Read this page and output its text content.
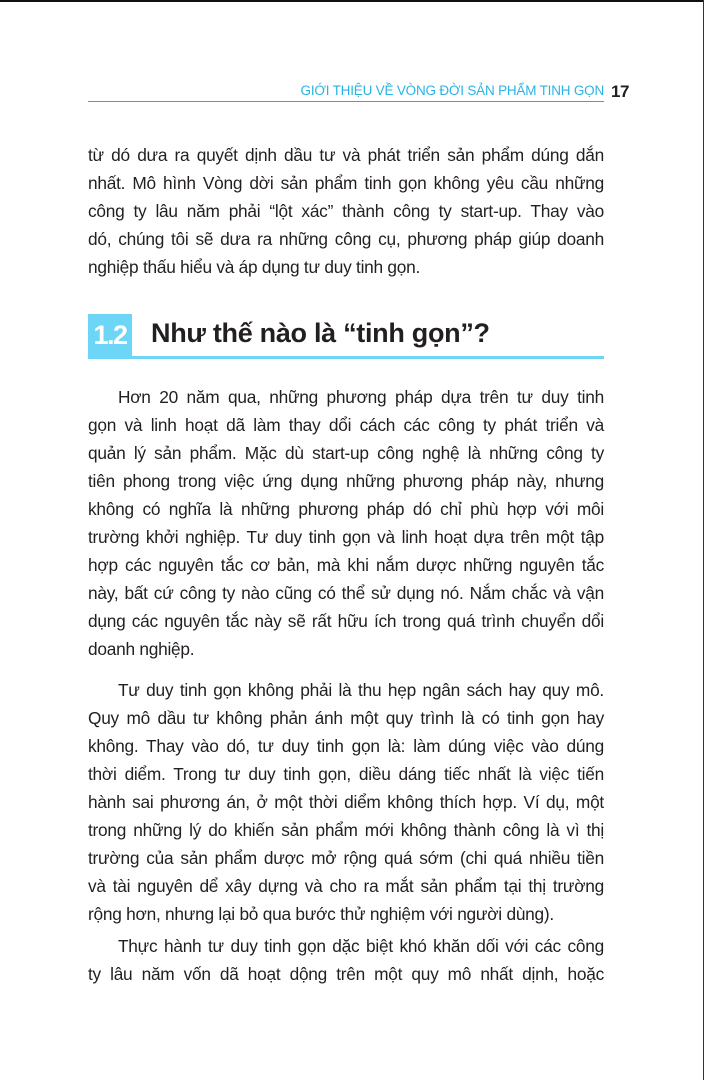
GIỚI THIỆU VỀ VÒNG ĐỜI SẢN PHẨM TINH GỌN 17
từ dó dưa ra quyết dịnh dầu tư và phát triển sản phẩm dúng dắn
nhất. Mô hình Vòng dời sản phẩm tinh gọn không yêu cầu những
công ty lâu năm phải “lột xác” thành công ty start-up. Thay vào
dó, chúng tôi sẽ dưa ra những công cụ, phương pháp giúp doanh
nghiệp thấu hiểu và áp dụng tư duy tinh gọn.
1.2 Như thế nào là “tinh gọn”?
Hơn 20 năm qua, những phương pháp dựa trên tư duy tinh
gọn và linh hoạt dã làm thay dổi cách các công ty phát triển và
quản lý sản phẩm. Mặc dù start-up công nghệ là những công ty
tiên phong trong việc ứng dụng những phương pháp này, nhưng
không có nghĩa là những phương pháp dó chỉ phù hợp với môi
trường khởi nghiệp. Tư duy tinh gọn và linh hoạt dựa trên một tập
hợp các nguyên tắc cơ bản, mà khi nắm dược những nguyên tắc
này, bất cứ công ty nào cũng có thể sử dụng nó. Nắm chắc và vận
dụng các nguyên tắc này sẽ rất hữu ích trong quá trình chuyển dổi
doanh nghiệp.
Tư duy tinh gọn không phải là thu hẹp ngân sách hay quy mô.
Quy mô dầu tư không phản ánh một quy trình là có tinh gọn hay
không. Thay vào dó, tư duy tinh gọn là: làm dúng việc vào dúng
thời diểm. Trong tư duy tinh gọn, diều dáng tiếc nhất là việc tiến
hành sai phương án, ở một thời diểm không thích hợp. Ví dụ, một
trong những lý do khiến sản phẩm mới không thành công là vì thị
trường của sản phẩm dược mở rộng quá sớm (chi quá nhiều tiền
và tài nguyên dể xây dựng và cho ra mắt sản phẩm tại thị trường
rộng hơn, nhưng lại bỏ qua bước thử nghiệm với người dùng).
Thực hành tư duy tinh gọn dặc biệt khó khăn dối với các công
ty lâu năm vốn dã hoạt dộng trên một quy mô nhất dịnh, hoặc
